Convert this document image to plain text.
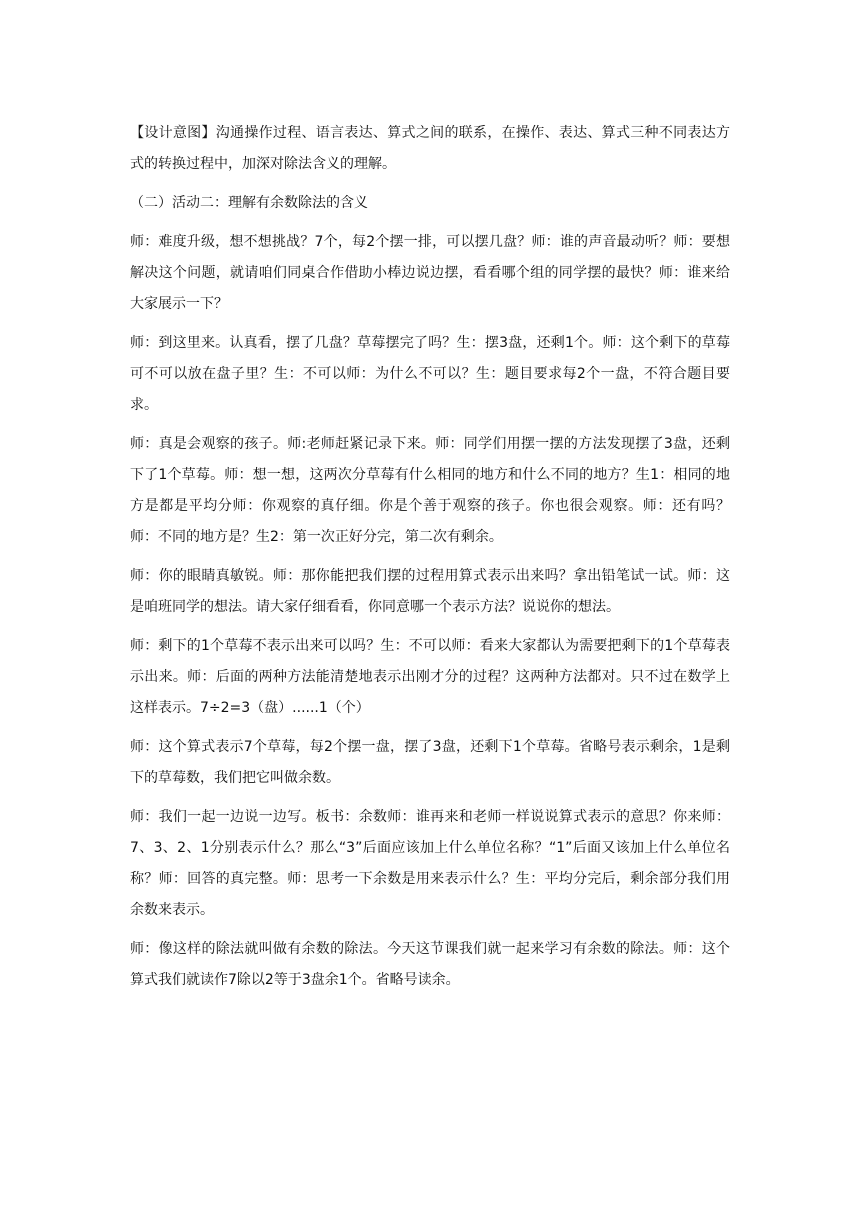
【设计意图】沟通操作过程、语言表达、算式之间的联系，在操作、表达、算式三种不同表达方式的转换过程中，加深对除法含义的理解。

（二）活动二：理解有余数除法的含义

师：难度升级，想不想挑战？7个，每2个摆一排，可以摆几盘？师：谁的声音最动听？师：要想解决这个问题，就请咱们同桌合作借助小棒边说边摆，看看哪个组的同学摆的最快？师：谁来给大家展示一下？

师：到这里来。认真看，摆了几盘？草莓摆完了吗？生：摆3盘，还剩1个。师：这个剩下的草莓可不可以放在盘子里？生：不可以师：为什么不可以？生：题目要求每2个一盘，不符合题目要求。

师：真是会观察的孩子。师:老师赶紧记录下来。师：同学们用摆一摆的方法发现摆了3盘，还剩下了1个草莓。师：想一想，这两次分草莓有什么相同的地方和什么不同的地方？生1：相同的地方是都是平均分师：你观察的真仔细。你是个善于观察的孩子。你也很会观察。师：还有吗？师：不同的地方是？生2：第一次正好分完，第二次有剩余。

师：你的眼睛真敏锐。师：那你能把我们摆的过程用算式表示出来吗？拿出铅笔试一试。师：这是咱班同学的想法。请大家仔细看看，你同意哪一个表示方法？说说你的想法。

师：剩下的1个草莓不表示出来可以吗？生：不可以师：看来大家都认为需要把剩下的1个草莓表示出来。师：后面的两种方法能清楚地表示出刚才分的过程？这两种方法都对。只不过在数学上这样表示。7÷2=3（盘）......1（个）

师：这个算式表示7个草莓，每2个摆一盘，摆了3盘，还剩下1个草莓。省略号表示剩余，1是剩下的草莓数，我们把它叫做余数。

师：我们一起一边说一边写。板书：余数师：谁再来和老师一样说说算式表示的意思？你来师：7、3、2、1分别表示什么？那么“3”后面应该加上什么单位名称？“1”后面又该加上什么单位名称？师：回答的真完整。师：思考一下余数是用来表示什么？生：平均分完后，剩余部分我们用余数来表示。

师：像这样的除法就叫做有余数的除法。今天这节课我们就一起来学习有余数的除法。师：这个算式我们就读作7除以2等于3盘余1个。省略号读余。
